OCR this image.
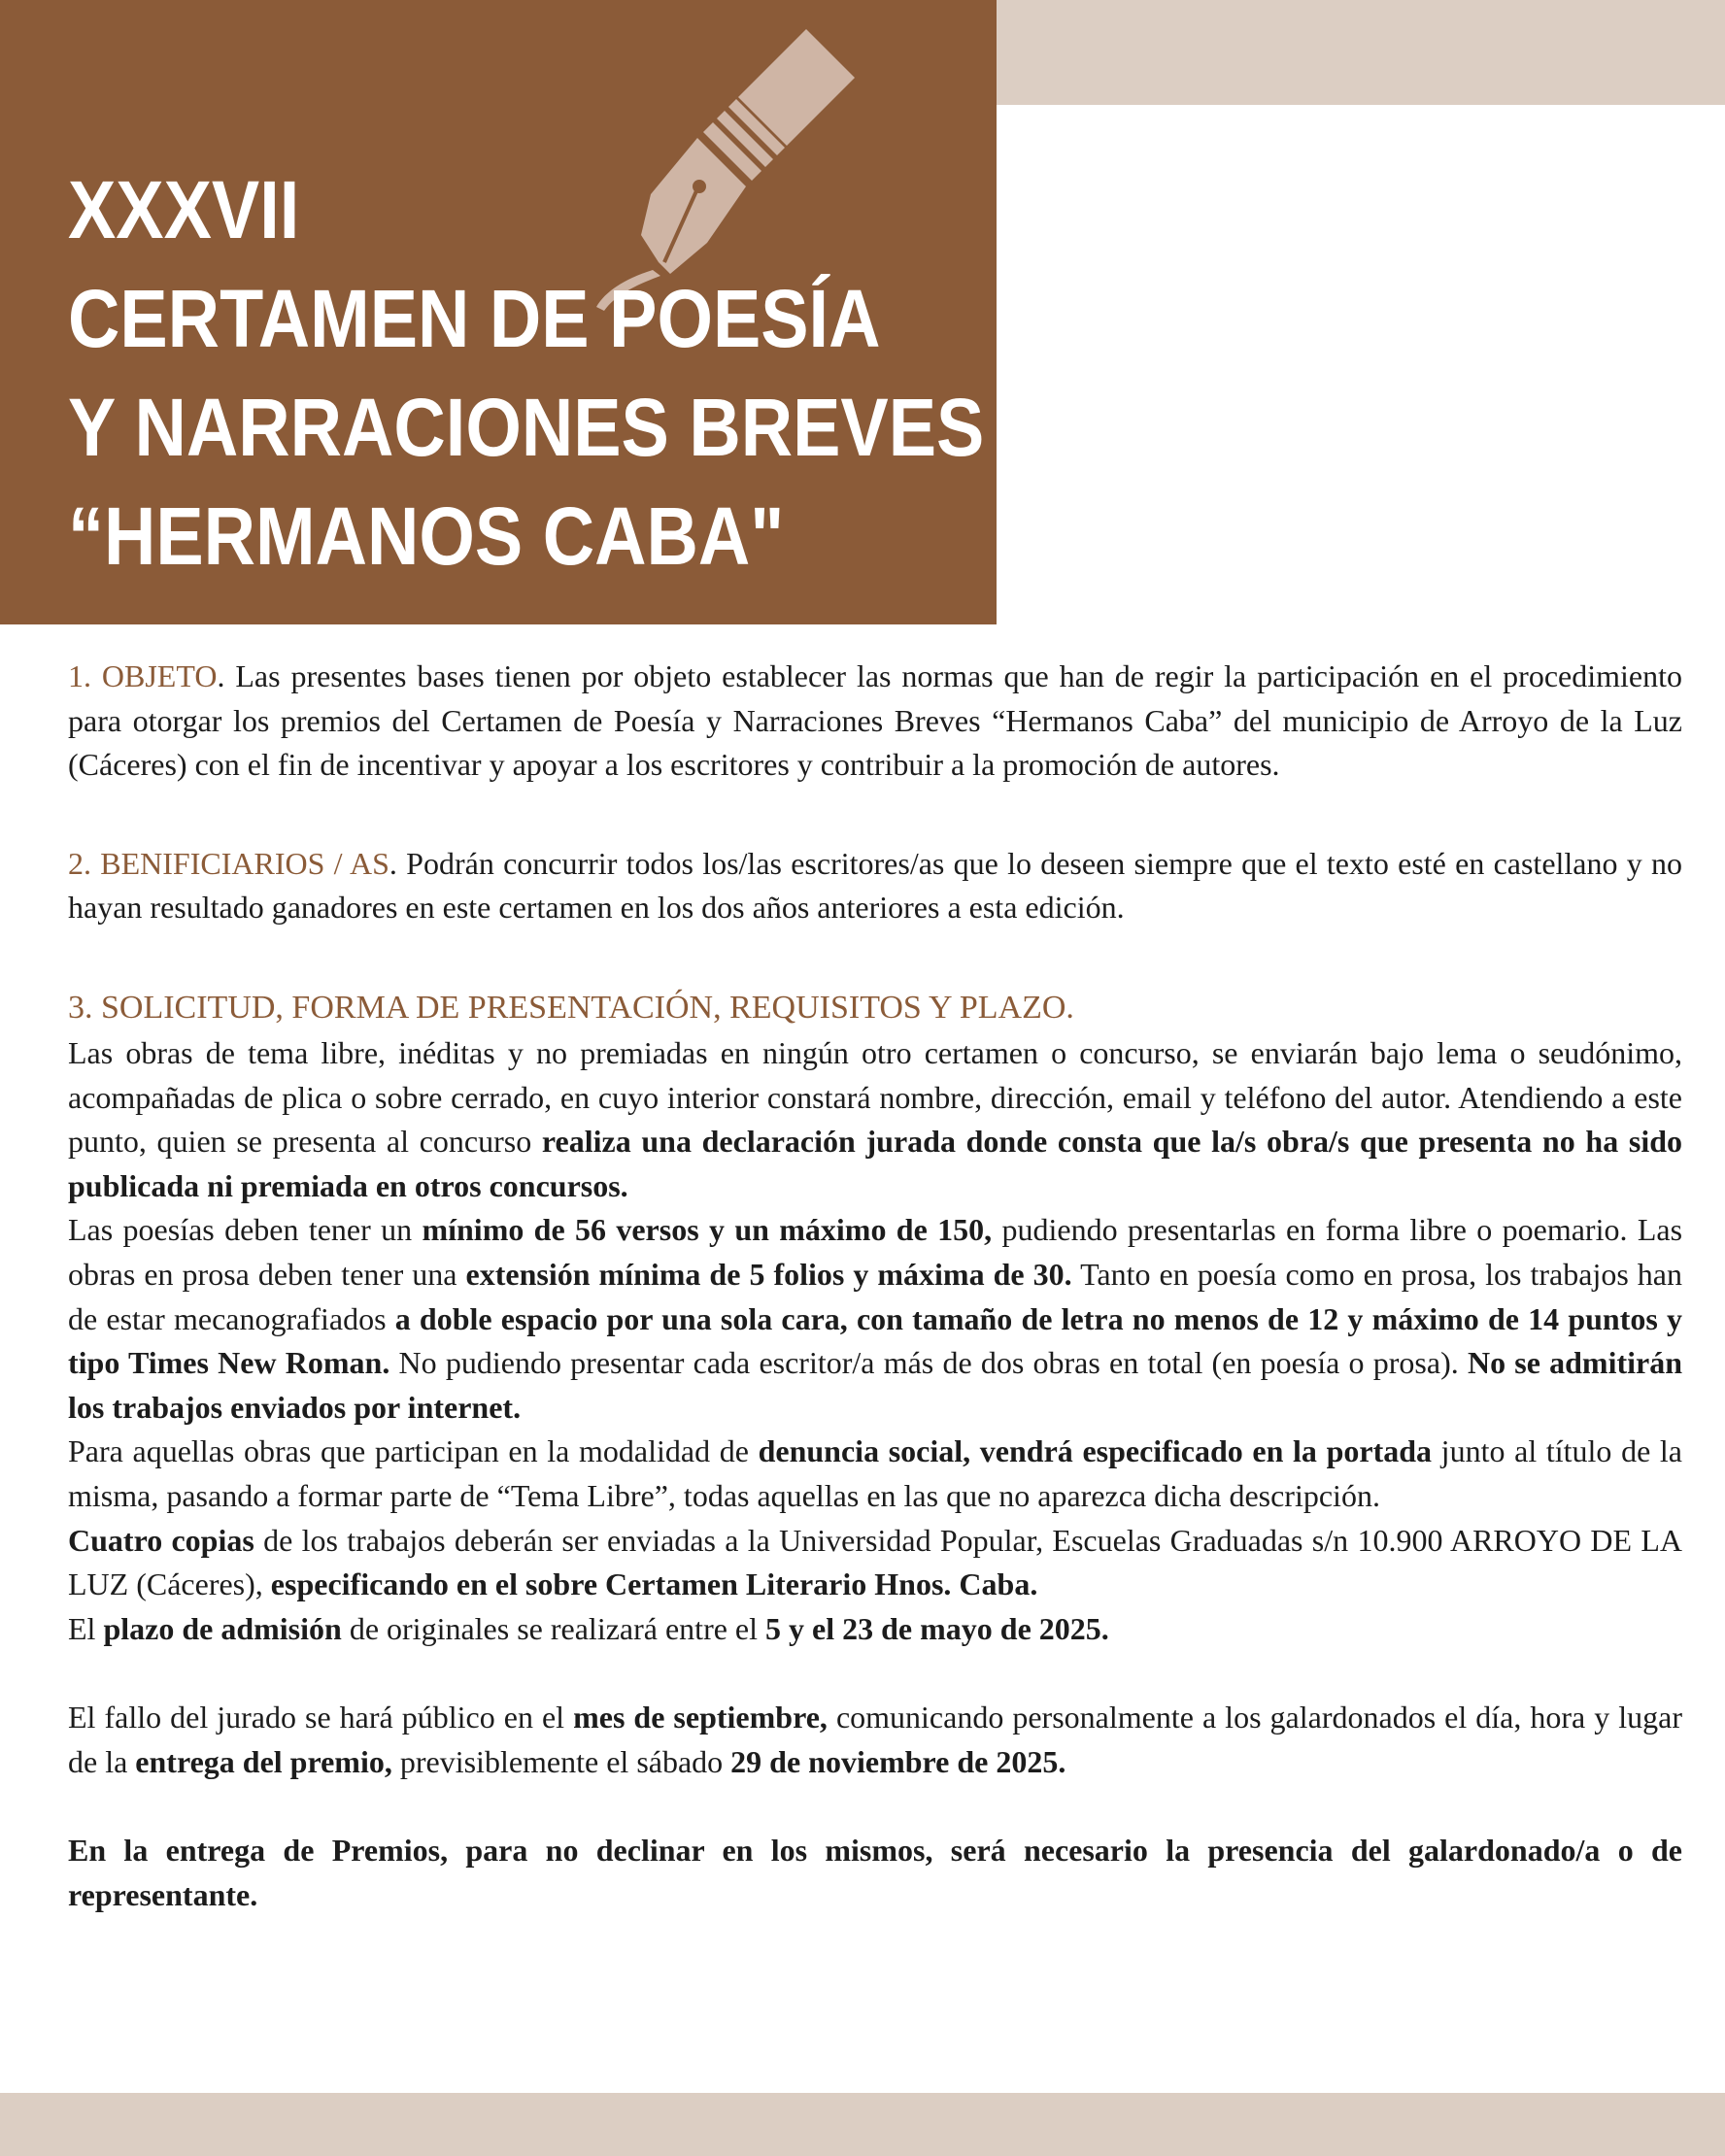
XXXVII
CERTAMEN DE POESÍA
Y NARRACIONES BREVES
“HERMANOS CABA"

1. OBJETO. Las presentes bases tienen por objeto establecer las normas que han de regir la participación en el procedimiento para otorgar los premios del Certamen de Poesía y Narraciones Breves “Hermanos Caba” del municipio de Arroyo de la Luz (Cáceres) con el fin de incentivar y apoyar a los escritores y contribuir a la promoción de autores.

2. BENIFICIARIOS / AS. Podrán concurrir todos los/las escritores/as que lo deseen siempre que el texto esté en castellano y no hayan resultado ganadores en este certamen en los dos años anteriores a esta edición.

3. SOLICITUD, FORMA DE PRESENTACIÓN, REQUISITOS Y PLAZO.

Las obras de tema libre, inéditas y no premiadas en ningún otro certamen o concurso, se enviarán bajo lema o seudónimo, acompañadas de plica o sobre cerrado, en cuyo interior constará nombre, dirección, email y teléfono del autor. Atendiendo a este punto, quien se presenta al concurso realiza una declaración jurada donde consta que la/s obra/s que presenta no ha sido publicada ni premiada en otros concursos.

Las poesías deben tener un mínimo de 56 versos y un máximo de 150, pudiendo presentarlas en forma libre o poemario. Las obras en prosa deben tener una extensión mínima de 5 folios y máxima de 30. Tanto en poesía como en prosa, los trabajos han de estar mecanografiados a doble espacio por una sola cara, con tamaño de letra no menos de 12 y máximo de 14 puntos y tipo Times New Roman. No pudiendo presentar cada escritor/a más de dos obras en total (en poesía o prosa). No se admitirán los trabajos enviados por internet.

Para aquellas obras que participan en la modalidad de denuncia social, vendrá especificado en la portada junto al título de la misma, pasando a formar parte de “Tema Libre”, todas aquellas en las que no aparezca dicha descripción.

Cuatro copias de los trabajos deberán ser enviadas a la Universidad Popular, Escuelas Graduadas s/n 10.900 ARROYO DE LA LUZ (Cáceres), especificando en el sobre Certamen Literario Hnos. Caba.

El plazo de admisión de originales se realizará entre el 5 y el 23 de mayo de 2025.

El fallo del jurado se hará público en el mes de septiembre, comunicando personalmente a los galardonados el día, hora y lugar de la entrega del premio, previsiblemente el sábado 29 de noviembre de 2025.

En la entrega de Premios, para no declinar en los mismos, será necesario la presencia del galardonado/a o de representante.
